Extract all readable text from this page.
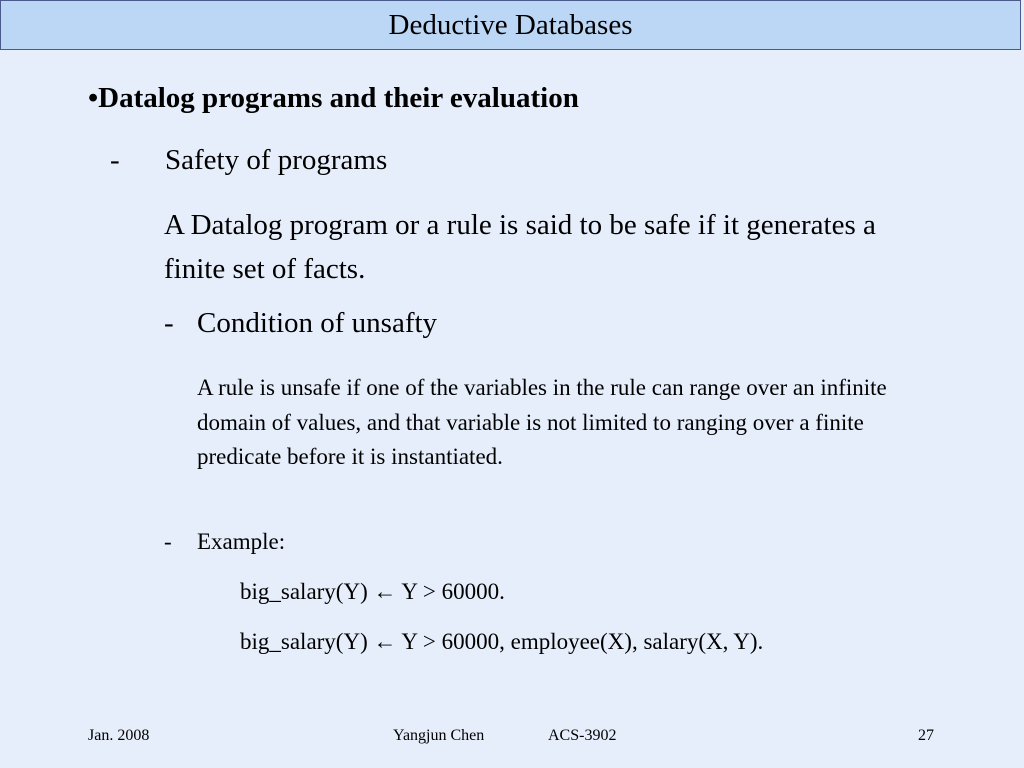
Deductive Databases
•Datalog programs and their evaluation
- Safety of programs
A Datalog program or a rule is said to be safe if it generates a finite set of facts.
- Condition of unsafty
A rule is unsafe if one of the variables in the rule can range over an infinite domain of values, and that variable is not limited to ranging over a finite predicate before it is instantiated.
- Example:
big_salary(Y) ← Y > 60000.
big_salary(Y) ← Y > 60000, employee(X), salary(X, Y).
Jan. 2008	Yangjun Chen	ACS-3902	27
